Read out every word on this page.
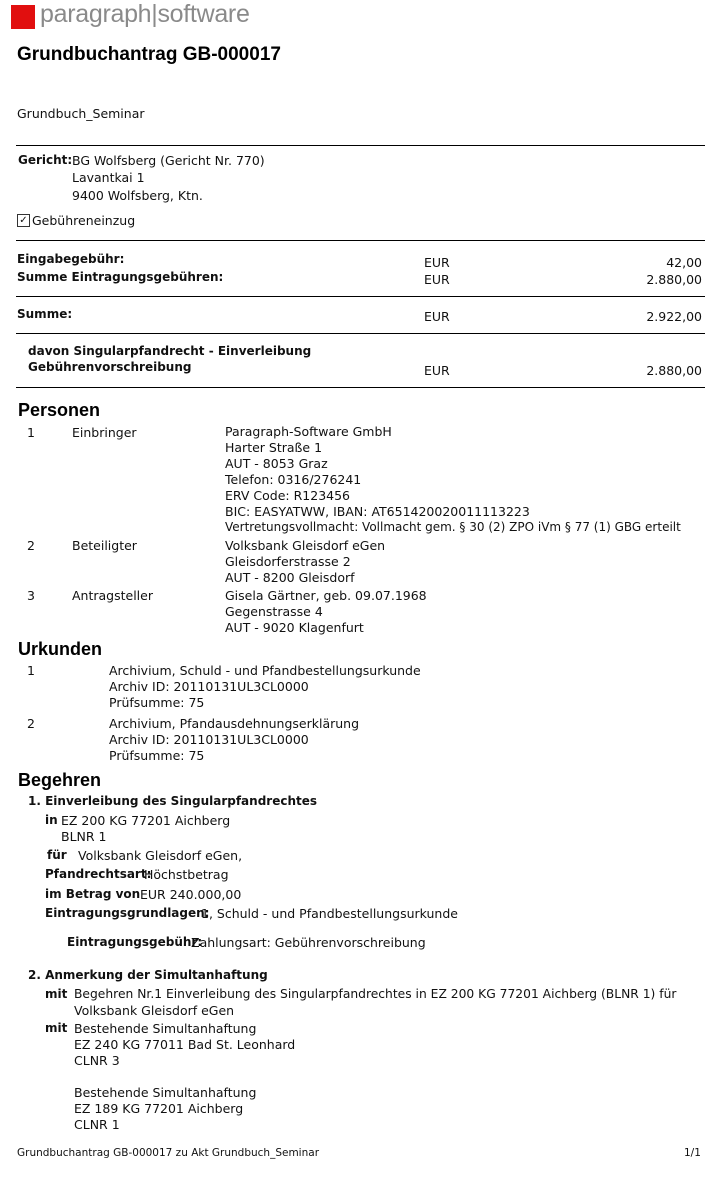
paragraph|software
Grundbuchantrag GB-000017
Grundbuch_Seminar
Gericht: BG Wolfsberg (Gericht Nr. 770)
Lavantkai 1
9400 Wolfsberg, Ktn.
✓ Gebühreneinzug
Eingabegebühr:	EUR	42,00
Summe Eintragungsgebühren:	EUR	2.880,00
Summe:	EUR	2.922,00
davon Singularpfandrecht - Einverleibung
Gebührenvorschreibung	EUR	2.880,00
Personen
1	Einbringer	Paragraph-Software GmbH
Harter Straße 1
AUT - 8053 Graz
Telefon: 0316/276241
ERV Code: R123456
BIC: EASYATWW, IBAN: AT651420020011113223
Vertretungsvollmacht: Vollmacht gem. § 30 (2) ZPO iVm § 77 (1) GBG erteilt
2	Beteiligter	Volksbank Gleisdorf eGen
Gleisdorferstrasse 2
AUT - 8200 Gleisdorf
3	Antragsteller	Gisela Gärtner, geb. 09.07.1968
Gegenstrasse 4
AUT - 9020 Klagenfurt
Urkunden
1	Archivium, Schuld - und Pfandbestellungsurkunde
Archiv ID: 20110131UL3CL0000
Prüfsumme: 75
2	Archivium, Pfandausdehnungserklärung
Archiv ID: 20110131UL3CL0000
Prüfsumme: 75
Begehren
1. Einverleibung des Singularpfandrechtes
in EZ 200 KG 77201 Aichberg
BLNR 1
für Volksbank Gleisdorf eGen,
Pfandrechtsart:
Höchstbetrag
im Betrag von EUR 240.000,00
Eintragungsgrundlagen:
1, Schuld - und Pfandbestellungsurkunde
Eintragungsgebühr:
Zahlungsart: Gebührenvorschreibung
2. Anmerkung der Simultanhaftung
mit Begehren Nr.1 Einverleibung des Singularpfandrechtes in EZ 200 KG 77201 Aichberg (BLNR 1) für
Volksbank Gleisdorf eGen
mit Bestehende Simultanhaftung
EZ 240 KG 77011 Bad St. Leonhard
CLNR 3
Bestehende Simultanhaftung
EZ 189 KG 77201 Aichberg
CLNR 1
Grundbuchantrag GB-000017 zu Akt Grundbuch_Seminar	1/1
